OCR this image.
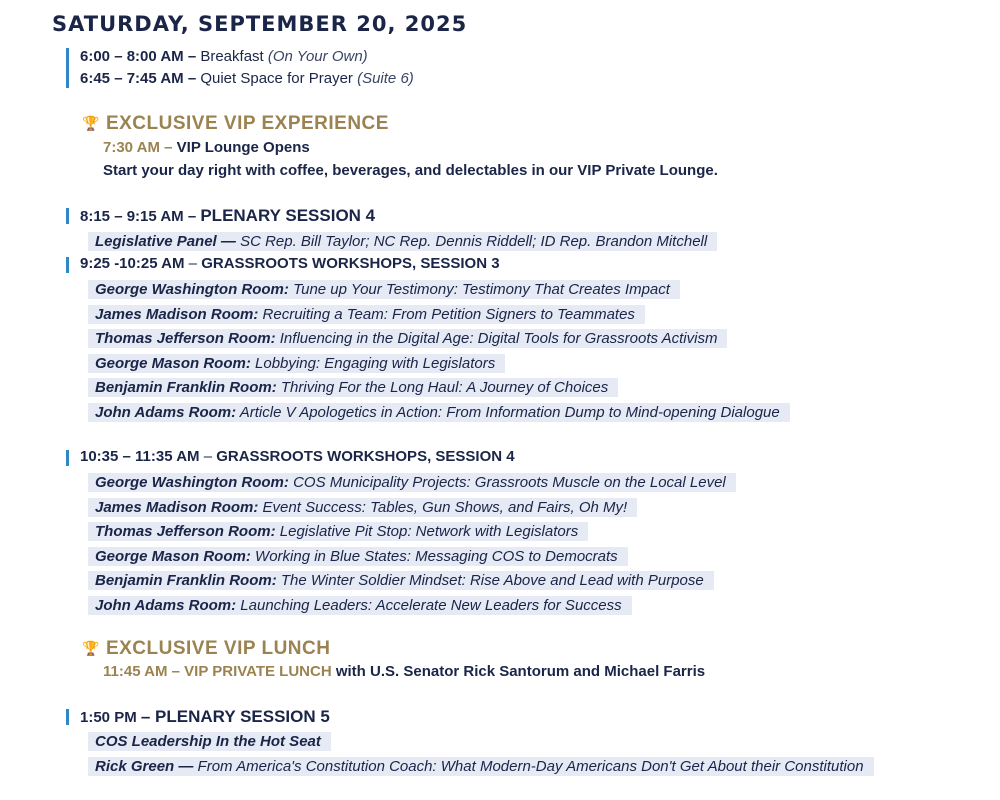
SATURDAY, SEPTEMBER 20, 2025
6:00 – 8:00 AM – Breakfast (On Your Own)
6:45 – 7:45 AM – Quiet Space for Prayer (Suite 6)
🏆 EXCLUSIVE VIP EXPERIENCE
7:30 AM – VIP Lounge Opens
Start your day right with coffee, beverages, and delectables in our VIP Private Lounge.
8:15 – 9:15 AM – PLENARY SESSION 4
Legislative Panel — SC Rep. Bill Taylor; NC Rep. Dennis Riddell; ID Rep. Brandon Mitchell
9:25 -10:25 AM – GRASSROOTS WORKSHOPS, SESSION 3
George Washington Room: Tune up Your Testimony: Testimony That Creates Impact
James Madison Room: Recruiting a Team: From Petition Signers to Teammates
Thomas Jefferson Room: Influencing in the Digital Age: Digital Tools for Grassroots Activism
George Mason Room: Lobbying: Engaging with Legislators
Benjamin Franklin Room: Thriving For the Long Haul: A Journey of Choices
John Adams Room: Article V Apologetics in Action: From Information Dump to Mind-opening Dialogue
10:35 – 11:35 AM – GRASSROOTS WORKSHOPS, SESSION 4
George Washington Room: COS Municipality Projects: Grassroots Muscle on the Local Level
James Madison Room: Event Success: Tables, Gun Shows, and Fairs, Oh My!
Thomas Jefferson Room: Legislative Pit Stop: Network with Legislators
George Mason Room: Working in Blue States: Messaging COS to Democrats
Benjamin Franklin Room: The Winter Soldier Mindset: Rise Above and Lead with Purpose
John Adams Room: Launching Leaders: Accelerate New Leaders for Success
🏆 EXCLUSIVE VIP LUNCH
11:45 AM – VIP PRIVATE LUNCH with U.S. Senator Rick Santorum and Michael Farris
1:50 PM – PLENARY SESSION 5
COS Leadership In the Hot Seat
Rick Green — From America's Constitution Coach: What Modern-Day Americans Don't Get About their Constitution
